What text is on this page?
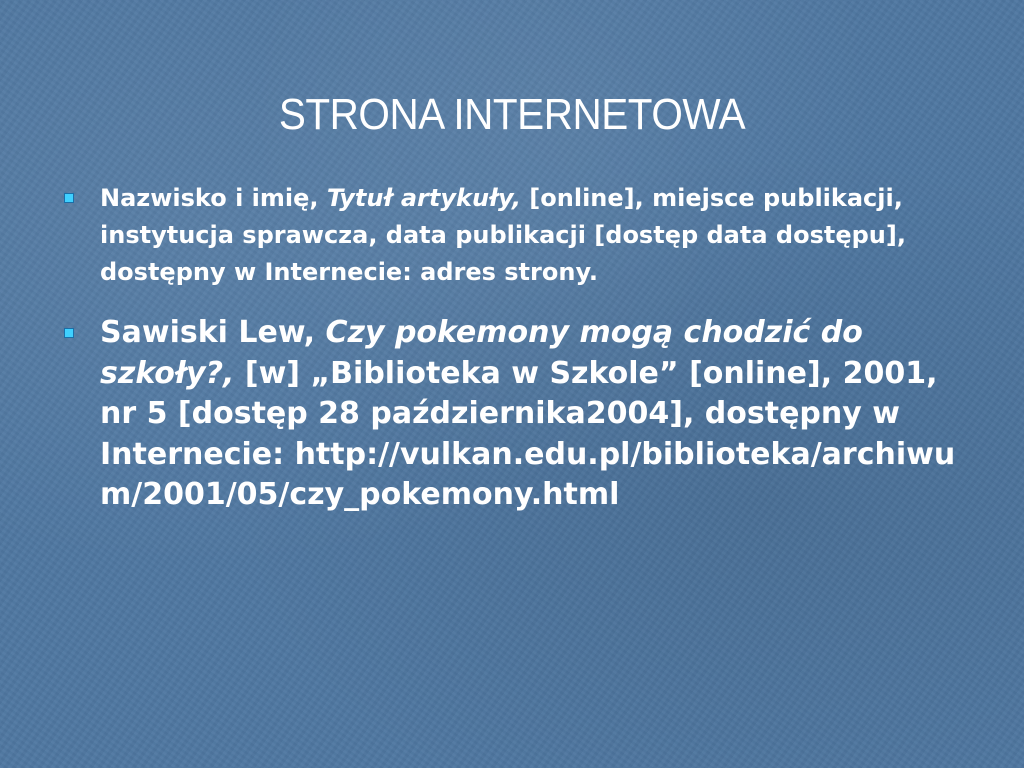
STRONA INTERNETOWA
Nazwisko i imię, Tytuł artykuły, [online], miejsce publikacji, instytucja sprawcza, data publikacji [dostęp data dostępu], dostępny w Internecie: adres strony.
Sawiski Lew, Czy pokemony mogą chodzić do szkoły?, [w] „Biblioteka w Szkole” [online], 2001, nr 5 [dostęp 28 października2004], dostępny w Internecie: http://vulkan.edu.pl/biblioteka/archiwum/2001/05/czy_pokemony.html
